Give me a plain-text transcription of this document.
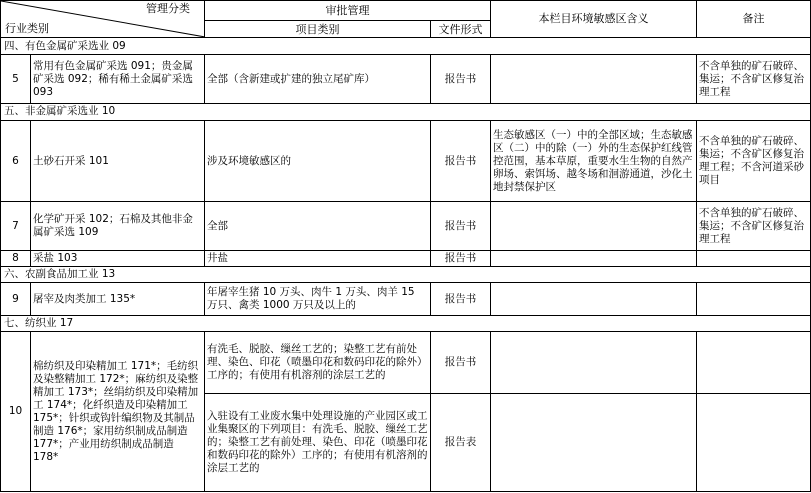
管理分类
行业类别		审批管理		本栏目环境敏感区含义	备注
		项目类别	文件形式		
四、有色金属矿采选业 09					
5	常用有色金属矿采选 091；贵金属矿采选 092；稀有稀土金属矿采选 093	全部（含新建或扩建的独立尾矿库）	报告书		不含单独的矿石破碎、集运；不含矿区修复治理工程
五、非金属矿采选业 10					
6	土砂石开采 101	涉及环境敏感区的	报告书	生态敏感区（一）中的全部区域；生态敏感区（二）中的除（一）外的生态保护红线管控范围，基本草原，重要水生生物的自然产卵场、索饵场、越冬场和洄游通道，沙化土地封禁保护区	不含单独的矿石破碎、集运；不含矿区修复治理工程；不含河道采砂项目
7	化学矿开采 102；石棉及其他非金属矿采选 109	全部	报告书		不含单独的矿石破碎、集运；不含矿区修复治理工程
8	采盐 103	井盐	报告书		
六、农副食品加工业 13					
9	屠宰及肉类加工 135*	年屠宰生猪 10 万头、肉牛 1 万头、肉羊 15 万只、禽类 1000 万只及以上的	报告书		
七、纺织业 17					
10	棉纺织及印染精加工 171*；毛纺织及染整精加工 172*；麻纺织及染整精加工 173*；丝绢纺织及印染精加工 174*；化纤织造及印染精加工 175*；针织或钩针编织物及其制品制造 176*；家用纺织制成品制造 177*；产业用纺织制成品制造 178*	有洗毛、脱胶、缫丝工艺的；染整工艺有前处理、染色、印花（喷墨印花和数码印花的除外）工序的；有使用有机溶剂的涂层工艺的	报告书		
		入驻设有工业废水集中处理设施的产业园区或工业集聚区的下列项目：有洗毛、脱胶、缫丝工艺的；染整工艺有前处理、染色、印花（喷墨印花和数码印花的除外）工序的；有使用有机溶剂的涂层工艺的	报告表		
